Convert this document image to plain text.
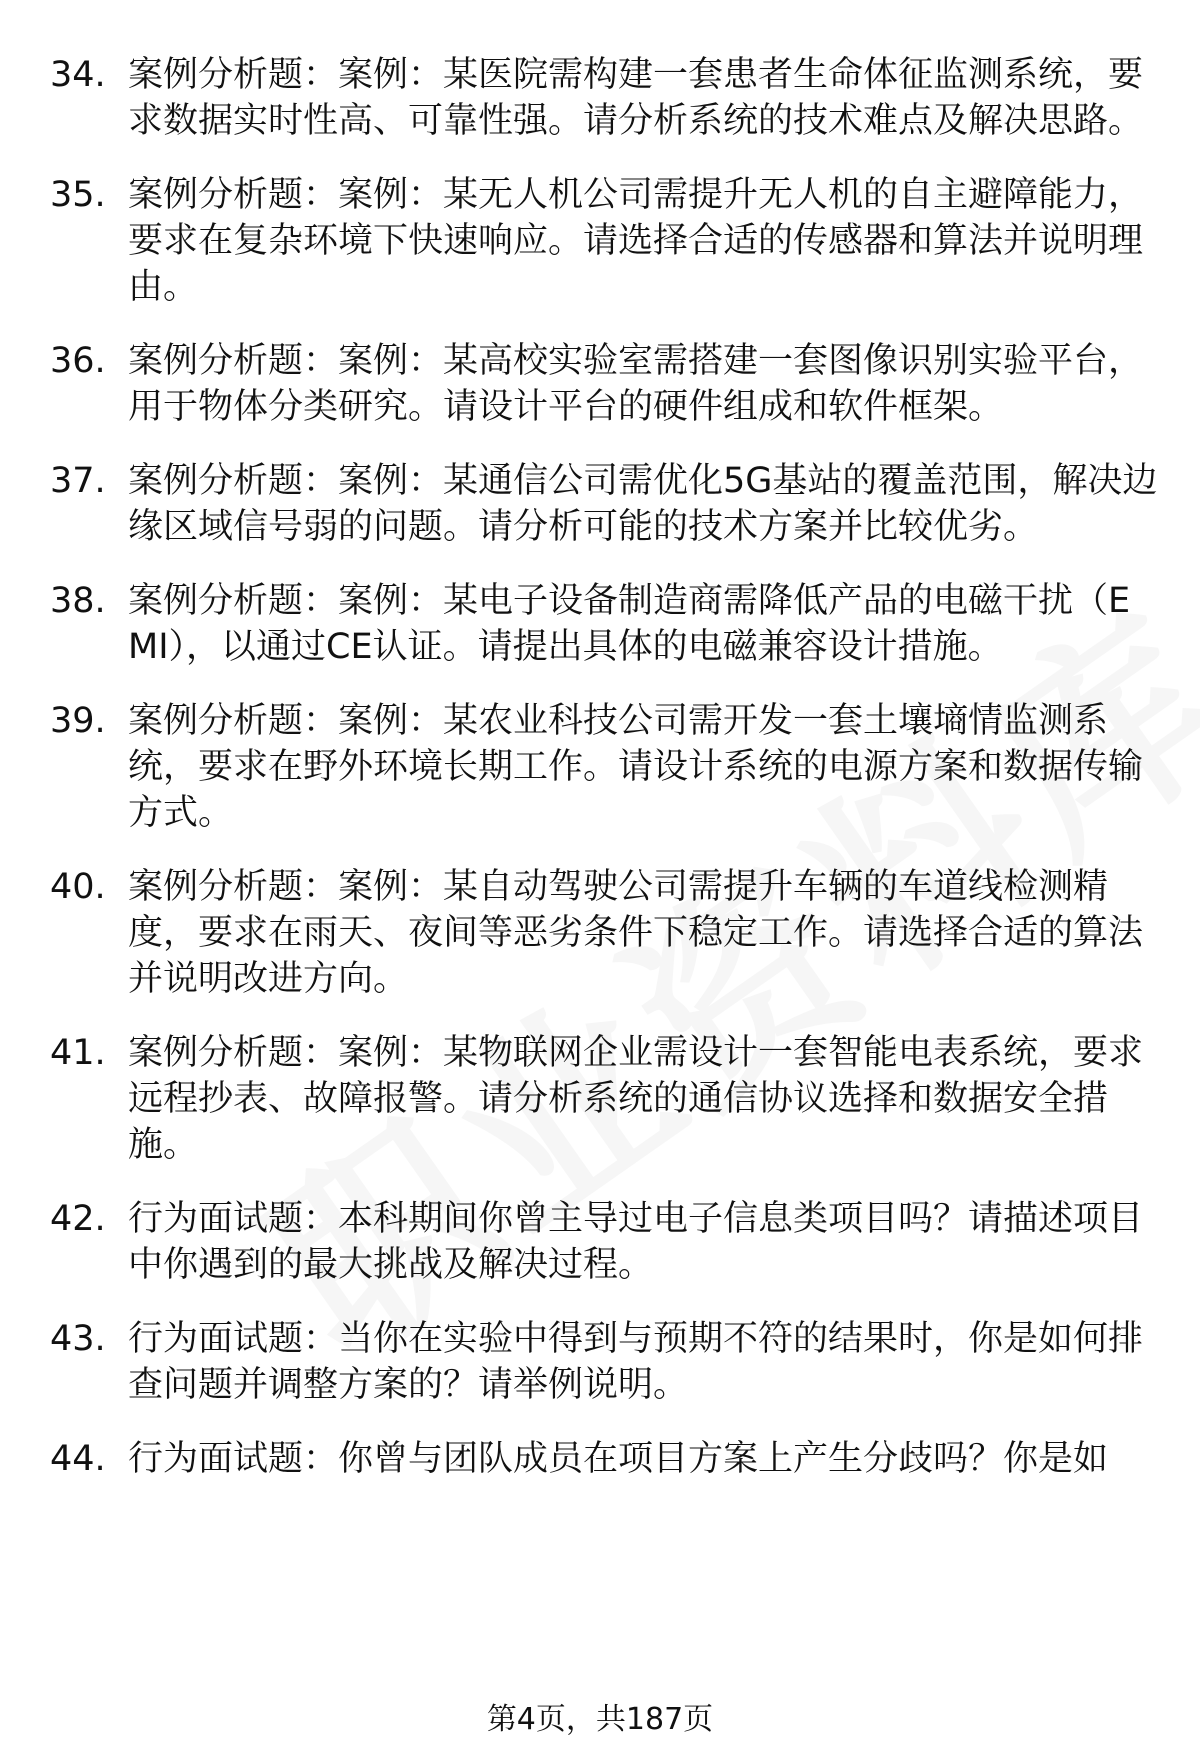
34. 案例分析题：案例：某医院需构建一套患者生命体征监测系统，要求数据实时性高、可靠性强。请分析系统的技术难点及解决思路。
35. 案例分析题：案例：某无人机公司需提升无人机的自主避障能力，要求在复杂环境下快速响应。请选择合适的传感器和算法并说明理由。
36. 案例分析题：案例：某高校实验室需搭建一套图像识别实验平台，用于物体分类研究。请设计平台的硬件组成和软件框架。
37. 案例分析题：案例：某通信公司需优化5G基站的覆盖范围，解决边缘区域信号弱的问题。请分析可能的技术方案并比较优劣。
38. 案例分析题：案例：某电子设备制造商需降低产品的电磁干扰（EMI），以通过CE认证。请提出具体的电磁兼容设计措施。
39. 案例分析题：案例：某农业科技公司需开发一套土壤墒情监测系统，要求在野外环境长期工作。请设计系统的电源方案和数据传输方式。
40. 案例分析题：案例：某自动驾驶公司需提升车辆的车道线检测精度，要求在雨天、夜间等恶劣条件下稳定工作。请选择合适的算法并说明改进方向。
41. 案例分析题：案例：某物联网企业需设计一套智能电表系统，要求远程抄表、故障报警。请分析系统的通信协议选择和数据安全措施。
42. 行为面试题：本科期间你曾主导过电子信息类项目吗？请描述项目中你遇到的最大挑战及解决过程。
43. 行为面试题：当你在实验中得到与预期不符的结果时，你是如何排查问题并调整方案的？请举例说明。
44. 行为面试题：你曾与团队成员在项目方案上产生分歧吗？你是如
第4页，共187页
